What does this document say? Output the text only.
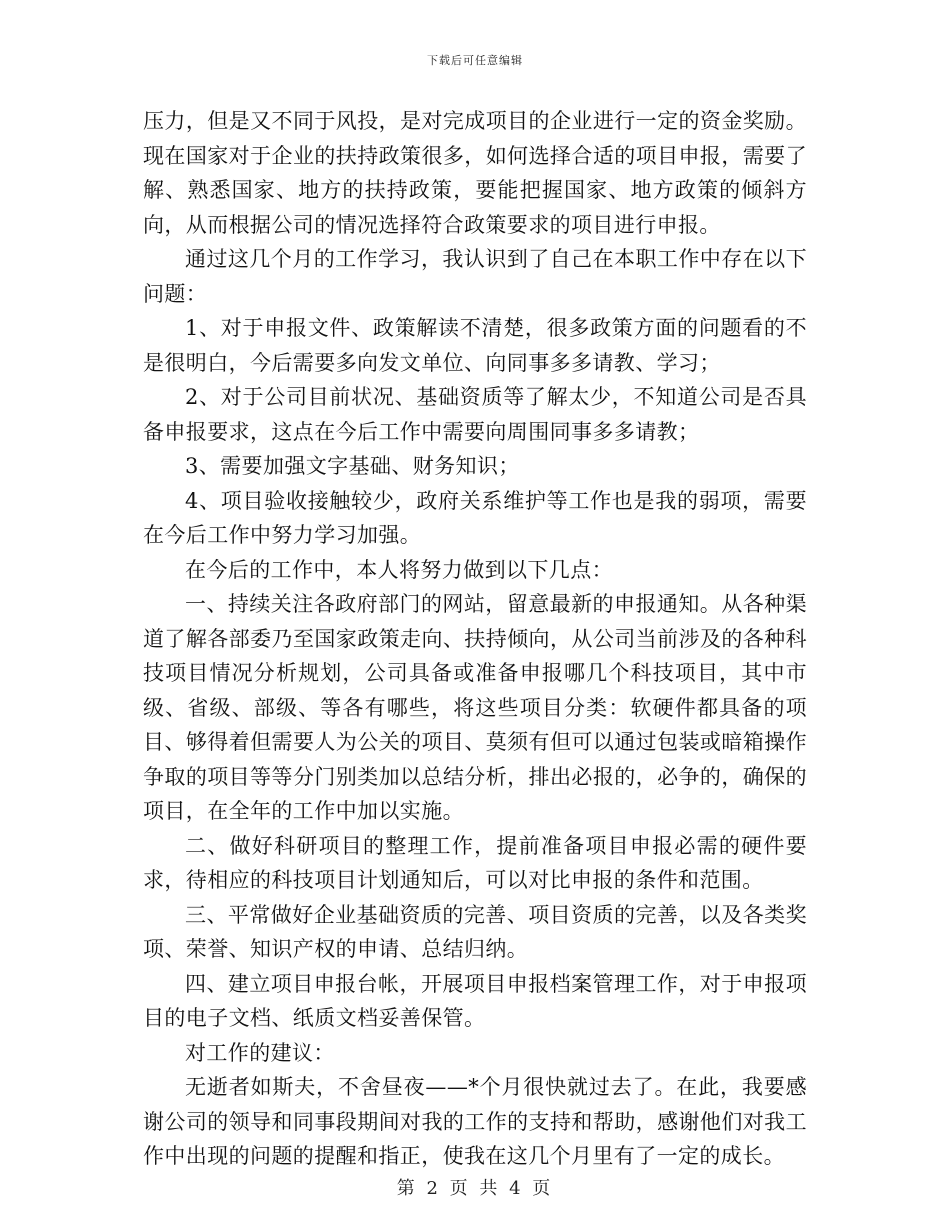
下载后可任意编辑

压力，但是又不同于风投，是对完成项目的企业进行一定的资金奖励。现在国家对于企业的扶持政策很多，如何选择合适的项目申报，需要了解、熟悉国家、地方的扶持政策，要能把握国家、地方政策的倾斜方向，从而根据公司的情况选择符合政策要求的项目进行申报。

通过这几个月的工作学习，我认识到了自己在本职工作中存在以下问题：

1、对于申报文件、政策解读不清楚，很多政策方面的问题看的不是很明白，今后需要多向发文单位、向同事多多请教、学习；

2、对于公司目前状况、基础资质等了解太少，不知道公司是否具备申报要求，这点在今后工作中需要向周围同事多多请教；

3、需要加强文字基础、财务知识；

4、项目验收接触较少，政府关系维护等工作也是我的弱项，需要在今后工作中努力学习加强。

在今后的工作中，本人将努力做到以下几点：

一、持续关注各政府部门的网站，留意最新的申报通知。从各种渠道了解各部委乃至国家政策走向、扶持倾向，从公司当前涉及的各种科技项目情况分析规划，公司具备或准备申报哪几个科技项目，其中市级、省级、部级、等各有哪些，将这些项目分类：软硬件都具备的项目、够得着但需要人为公关的项目、莫须有但可以通过包装或暗箱操作争取的项目等等分门别类加以总结分析，排出必报的，必争的，确保的项目，在全年的工作中加以实施。

二、做好科研项目的整理工作，提前准备项目申报必需的硬件要求，待相应的科技项目计划通知后，可以对比申报的条件和范围。

三、平常做好企业基础资质的完善、项目资质的完善，以及各类奖项、荣誉、知识产权的申请、总结归纳。

四、建立项目申报台帐，开展项目申报档案管理工作，对于申报项目的电子文档、纸质文档妥善保管。

对工作的建议：

无逝者如斯夫，不舍昼夜——*个月很快就过去了。在此，我要感谢公司的领导和同事段期间对我的工作的支持和帮助，感谢他们对我工作中出现的问题的提醒和指正，使我在这几个月里有了一定的成长。

第 2 页 共 4 页
